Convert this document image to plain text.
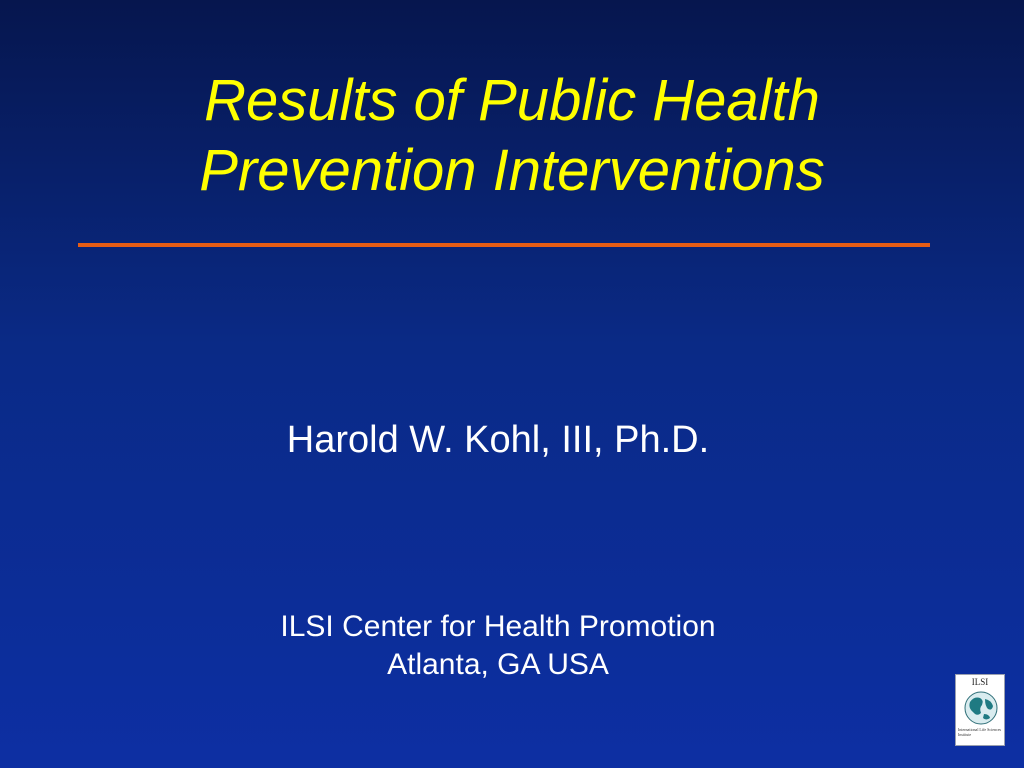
Results of Public Health
Prevention Interventions
Harold W. Kohl, III, Ph.D.
ILSI Center for Health Promotion
Atlanta, GA USA
ILSI
International Life Sciences Institute
